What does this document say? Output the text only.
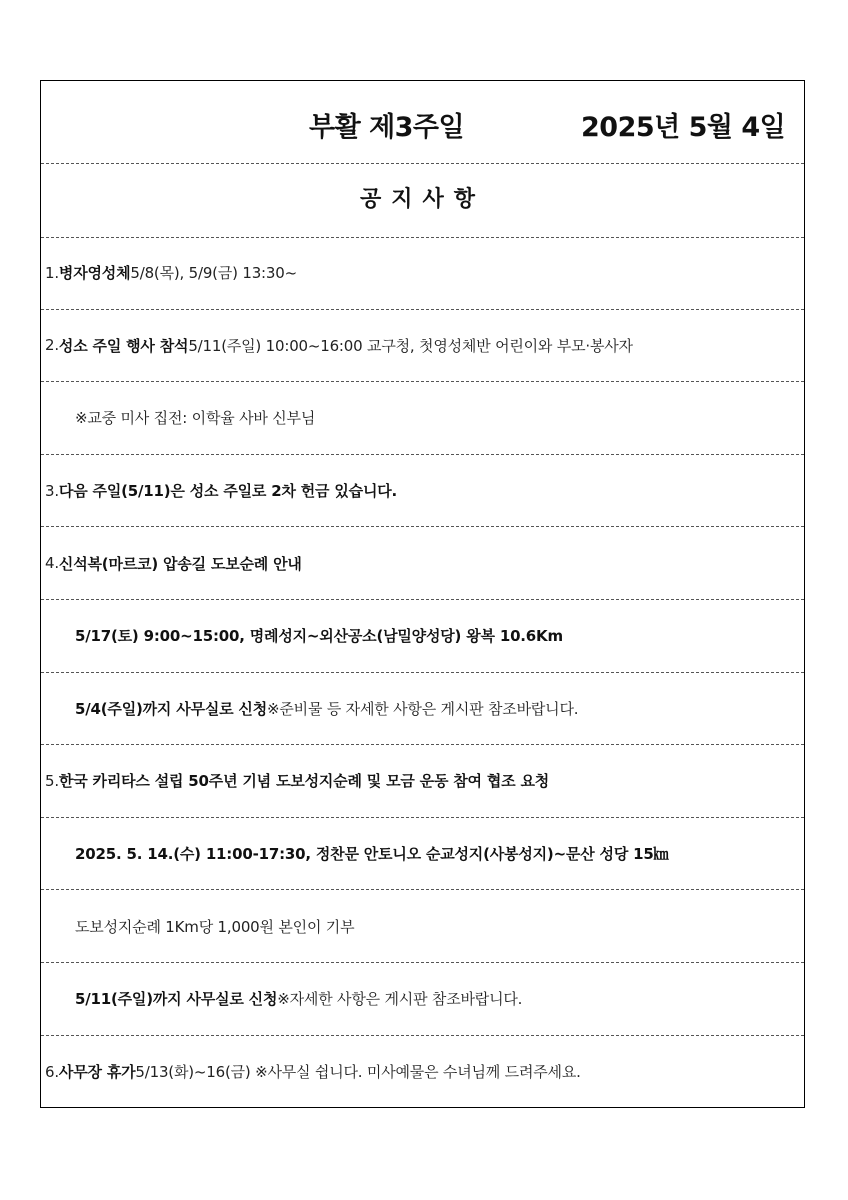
부활 제3주일	2025년 5월 4일
공지사항
1. 병자영성체 5/8(목), 5/9(금) 13:30~
2. 성소 주일 행사 참석 5/11(주일) 10:00~16:00 교구청, 첫영성체반 어린이와 부모·봉사자
※교중 미사 집전: 이학율 사바 신부님
3. 다음 주일(5/11)은 성소 주일로 2차 헌금 있습니다.
4. 신석복(마르코) 압송길 도보순례 안내
5/17(토) 9:00~15:00, 명례성지~외산공소(남밀양성당) 왕복 10.6Km
5/4(주일)까지 사무실로 신청 ※준비물 등 자세한 사항은 게시판 참조바랍니다.
5. 한국 카리타스 설립 50주년 기념 도보성지순례 및 모금 운동 참여 협조 요청
2025. 5. 14.(수) 11:00-17:30, 정찬문 안토니오 순교성지(사봉성지)~문산 성당 15㎞
도보성지순례 1Km당 1,000원 본인이 기부
5/11(주일)까지 사무실로 신청 ※자세한 사항은 게시판 참조바랍니다.
6. 사무장 휴가 5/13(화)~16(금) ※사무실 쉽니다. 미사예물은 수녀님께 드려주세요.
